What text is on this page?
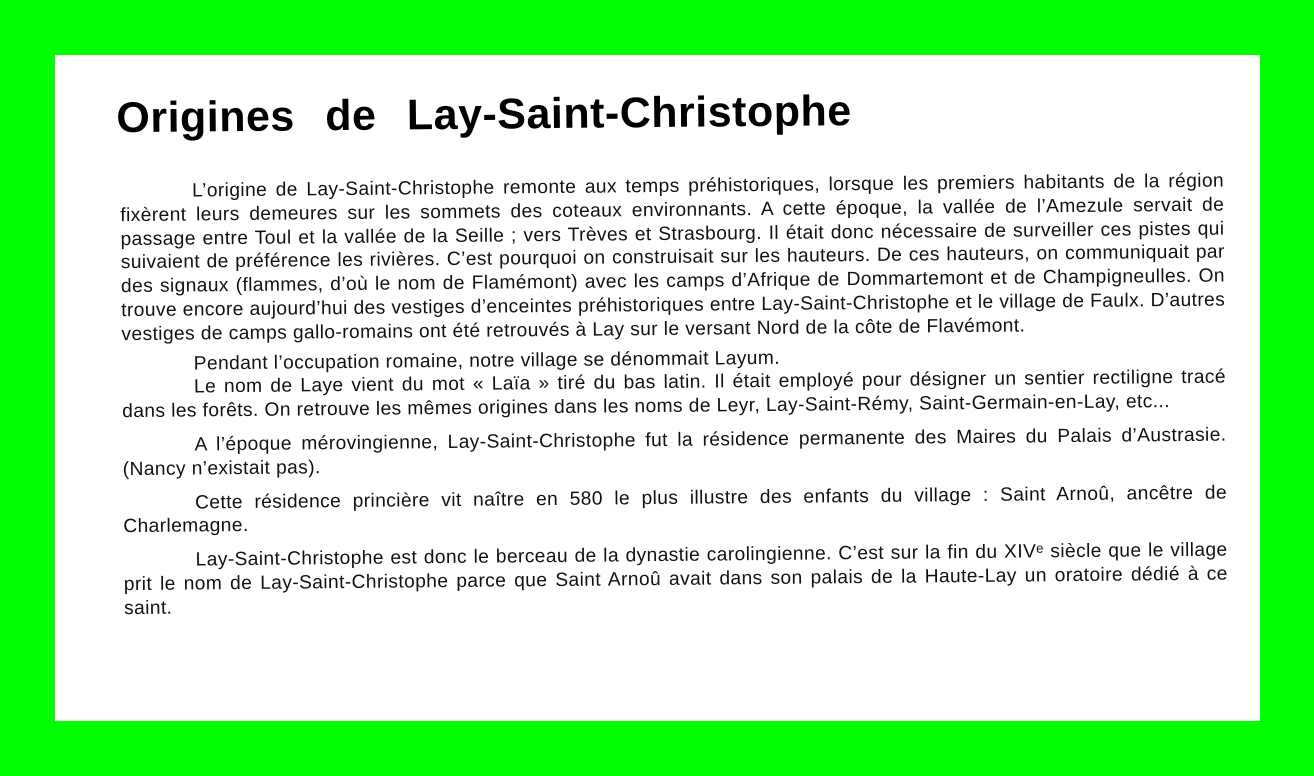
Origines de Lay-Saint-Christophe

L’origine de Lay-Saint-Christophe remonte aux temps préhistoriques, lorsque les premiers habitants de la région fixèrent leurs demeures sur les sommets des coteaux environnants. A cette époque, la vallée de l’Amezule servait de passage entre Toul et la vallée de la Seille ; vers Trèves et Strasbourg. Il était donc nécessaire de surveiller ces pistes qui suivaient de préférence les rivières. C’est pourquoi on construisait sur les hauteurs. De ces hauteurs, on communiquait par des signaux (flammes, d’où le nom de Flamémont) avec les camps d’Afrique de Dommartemont et de Champigneulles. On trouve encore aujourd’hui des vestiges d’enceintes préhistoriques entre Lay-Saint-Christophe et le village de Faulx. D’autres vestiges de camps gallo-romains ont été retrouvés à Lay sur le versant Nord de la côte de Flavémont.

Pendant l’occupation romaine, notre village se dénommait Layum.

Le nom de Laye vient du mot « Laïa » tiré du bas latin. Il était employé pour désigner un sentier rectiligne tracé dans les forêts. On retrouve les mêmes origines dans les noms de Leyr, Lay-Saint-Rémy, Saint-Germain-en-Lay, etc...

A l’époque mérovingienne, Lay-Saint-Christophe fut la résidence permanente des Maires du Palais d’Austrasie. (Nancy n’existait pas).

Cette résidence princière vit naître en 580 le plus illustre des enfants du village : Saint Arnoû, ancêtre de Charlemagne.

Lay-Saint-Christophe est donc le berceau de la dynastie carolingienne. C’est sur la fin du XIVᵉ siècle que le village prit le nom de Lay-Saint-Christophe parce que Saint Arnoû avait dans son palais de la Haute-Lay un oratoire dédié à ce saint.
